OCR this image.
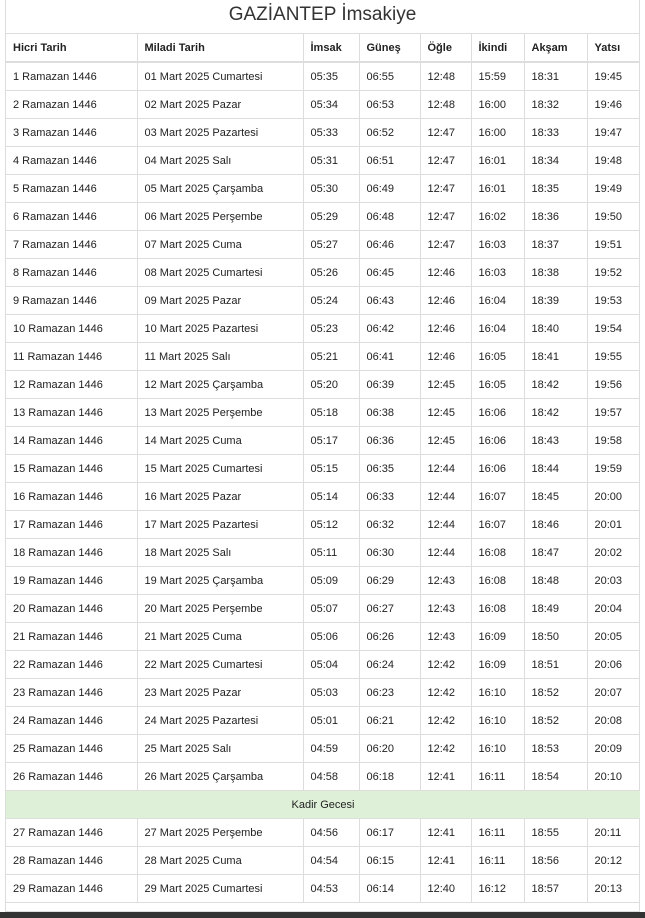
GAZİANTEP İmsakiye
Hicri Tarih	Miladi Tarih	İmsak	Güneş	Öğle	İkindi	Akşam	Yatsı
1 Ramazan 1446	01 Mart 2025 Cumartesi	05:35	06:55	12:48	15:59	18:31	19:45
2 Ramazan 1446	02 Mart 2025 Pazar	05:34	06:53	12:48	16:00	18:32	19:46
3 Ramazan 1446	03 Mart 2025 Pazartesi	05:33	06:52	12:47	16:00	18:33	19:47
4 Ramazan 1446	04 Mart 2025 Salı	05:31	06:51	12:47	16:01	18:34	19:48
5 Ramazan 1446	05 Mart 2025 Çarşamba	05:30	06:49	12:47	16:01	18:35	19:49
6 Ramazan 1446	06 Mart 2025 Perşembe	05:29	06:48	12:47	16:02	18:36	19:50
7 Ramazan 1446	07 Mart 2025 Cuma	05:27	06:46	12:47	16:03	18:37	19:51
8 Ramazan 1446	08 Mart 2025 Cumartesi	05:26	06:45	12:46	16:03	18:38	19:52
9 Ramazan 1446	09 Mart 2025 Pazar	05:24	06:43	12:46	16:04	18:39	19:53
10 Ramazan 1446	10 Mart 2025 Pazartesi	05:23	06:42	12:46	16:04	18:40	19:54
11 Ramazan 1446	11 Mart 2025 Salı	05:21	06:41	12:46	16:05	18:41	19:55
12 Ramazan 1446	12 Mart 2025 Çarşamba	05:20	06:39	12:45	16:05	18:42	19:56
13 Ramazan 1446	13 Mart 2025 Perşembe	05:18	06:38	12:45	16:06	18:42	19:57
14 Ramazan 1446	14 Mart 2025 Cuma	05:17	06:36	12:45	16:06	18:43	19:58
15 Ramazan 1446	15 Mart 2025 Cumartesi	05:15	06:35	12:44	16:06	18:44	19:59
16 Ramazan 1446	16 Mart 2025 Pazar	05:14	06:33	12:44	16:07	18:45	20:00
17 Ramazan 1446	17 Mart 2025 Pazartesi	05:12	06:32	12:44	16:07	18:46	20:01
18 Ramazan 1446	18 Mart 2025 Salı	05:11	06:30	12:44	16:08	18:47	20:02
19 Ramazan 1446	19 Mart 2025 Çarşamba	05:09	06:29	12:43	16:08	18:48	20:03
20 Ramazan 1446	20 Mart 2025 Perşembe	05:07	06:27	12:43	16:08	18:49	20:04
21 Ramazan 1446	21 Mart 2025 Cuma	05:06	06:26	12:43	16:09	18:50	20:05
22 Ramazan 1446	22 Mart 2025 Cumartesi	05:04	06:24	12:42	16:09	18:51	20:06
23 Ramazan 1446	23 Mart 2025 Pazar	05:03	06:23	12:42	16:10	18:52	20:07
24 Ramazan 1446	24 Mart 2025 Pazartesi	05:01	06:21	12:42	16:10	18:52	20:08
25 Ramazan 1446	25 Mart 2025 Salı	04:59	06:20	12:42	16:10	18:53	20:09
26 Ramazan 1446	26 Mart 2025 Çarşamba	04:58	06:18	12:41	16:11	18:54	20:10
Kadir Gecesi							
27 Ramazan 1446	27 Mart 2025 Perşembe	04:56	06:17	12:41	16:11	18:55	20:11
28 Ramazan 1446	28 Mart 2025 Cuma	04:54	06:15	12:41	16:11	18:56	20:12
29 Ramazan 1446	29 Mart 2025 Cumartesi	04:53	06:14	12:40	16:12	18:57	20:13
